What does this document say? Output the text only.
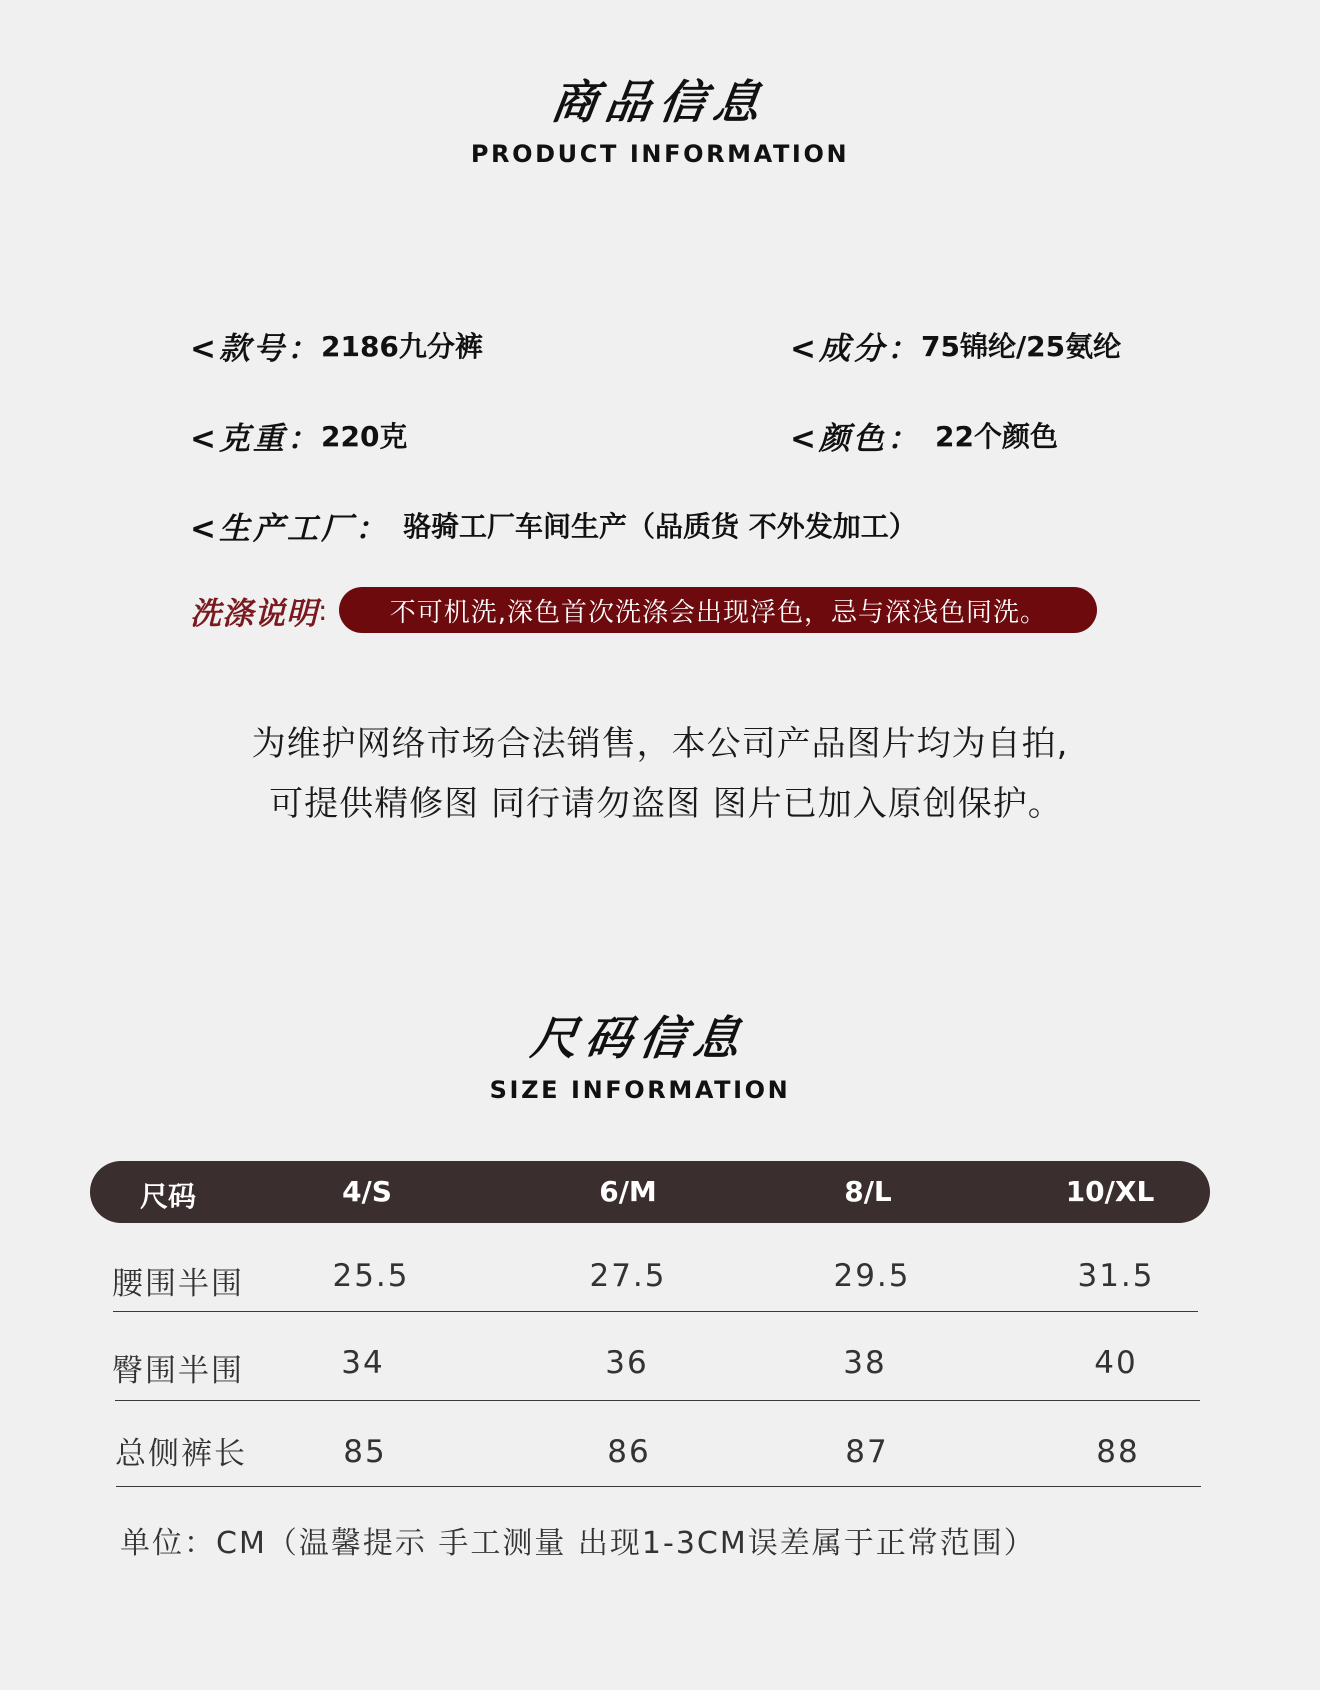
商品信息
PRODUCT INFORMATION
<款号： 2186九分裤	<成分： 75锦纶/25氨纶
<克重： 220克	<颜色： 22个颜色
<生产工厂： 骆骑工厂车间生产（品质货 不外发加工）
洗涤说明 : 不可机洗,深色首次洗涤会出现浮色，忌与深浅色同洗。
为维护网络市场合法销售，本公司产品图片均为自拍,
可提供精修图 同行请勿盗图 图片已加入原创保护。
尺码信息
SIZE INFORMATION
尺码	4/S	6/M	8/L	10/XL
腰围半围	25.5	27.5	29.5	31.5
臀围半围	34	36	38	40
总侧裤长	85	86	87	88
单位：CM（温馨提示 手工测量 出现1-3CM误差属于正常范围）
